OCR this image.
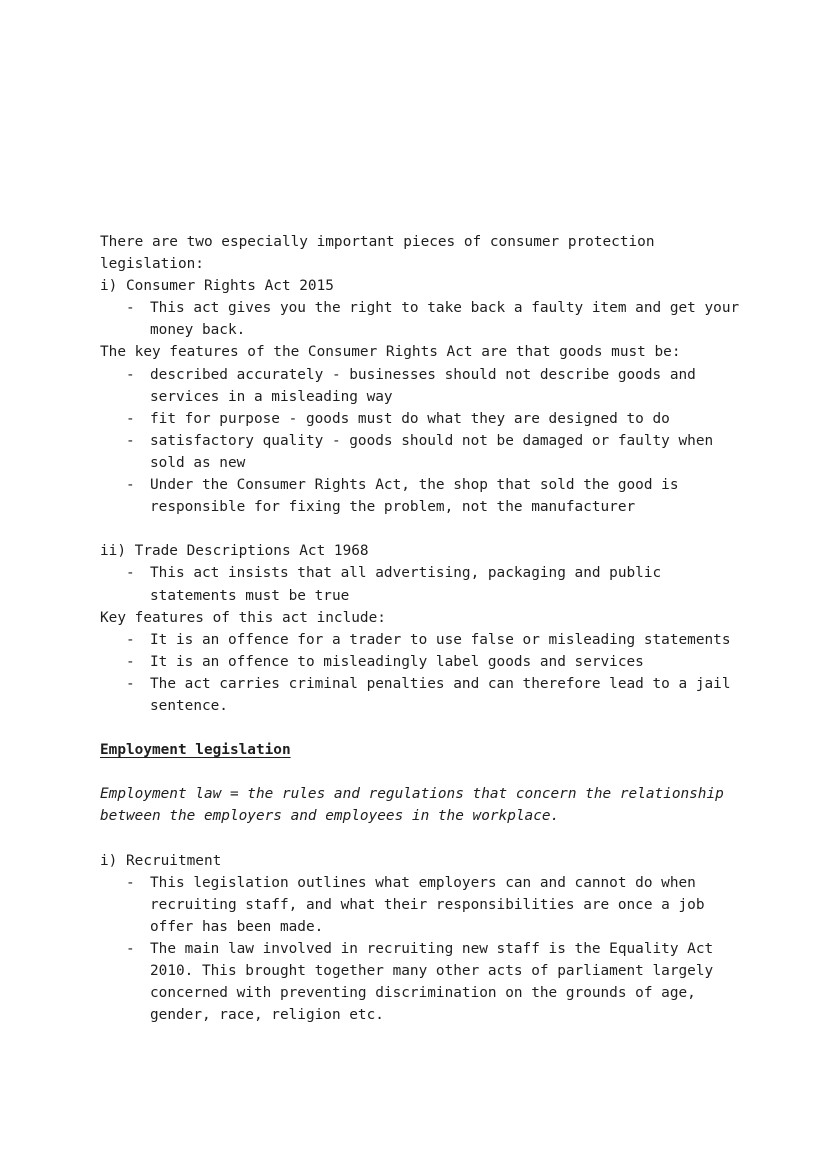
There are two especially important pieces of consumer protection legislation:

i) Consumer Rights Act 2015

- This act gives you the right to take back a faulty item and get your money back.

The key features of the Consumer Rights Act are that goods must be:

- described accurately - businesses should not describe goods and services in a misleading way
- fit for purpose - goods must do what they are designed to do
- satisfactory quality - goods should not be damaged or faulty when sold as new
- Under the Consumer Rights Act, the shop that sold the good is responsible for fixing the problem, not the manufacturer

ii) Trade Descriptions Act 1968

- This act insists that all advertising, packaging and public statements must be true

Key features of this act include:

- It is an offence for a trader to use false or misleading statements
- It is an offence to misleadingly label goods and services
- The act carries criminal penalties and can therefore lead to a jail sentence.

Employment legislation

Employment law = the rules and regulations that concern the relationship between the employers and employees in the workplace.

i) Recruitment

- This legislation outlines what employers can and cannot do when recruiting staff, and what their responsibilities are once a job offer has been made.
- The main law involved in recruiting new staff is the Equality Act 2010. This brought together many other acts of parliament largely concerned with preventing discrimination on the grounds of age, gender, race, religion etc.
